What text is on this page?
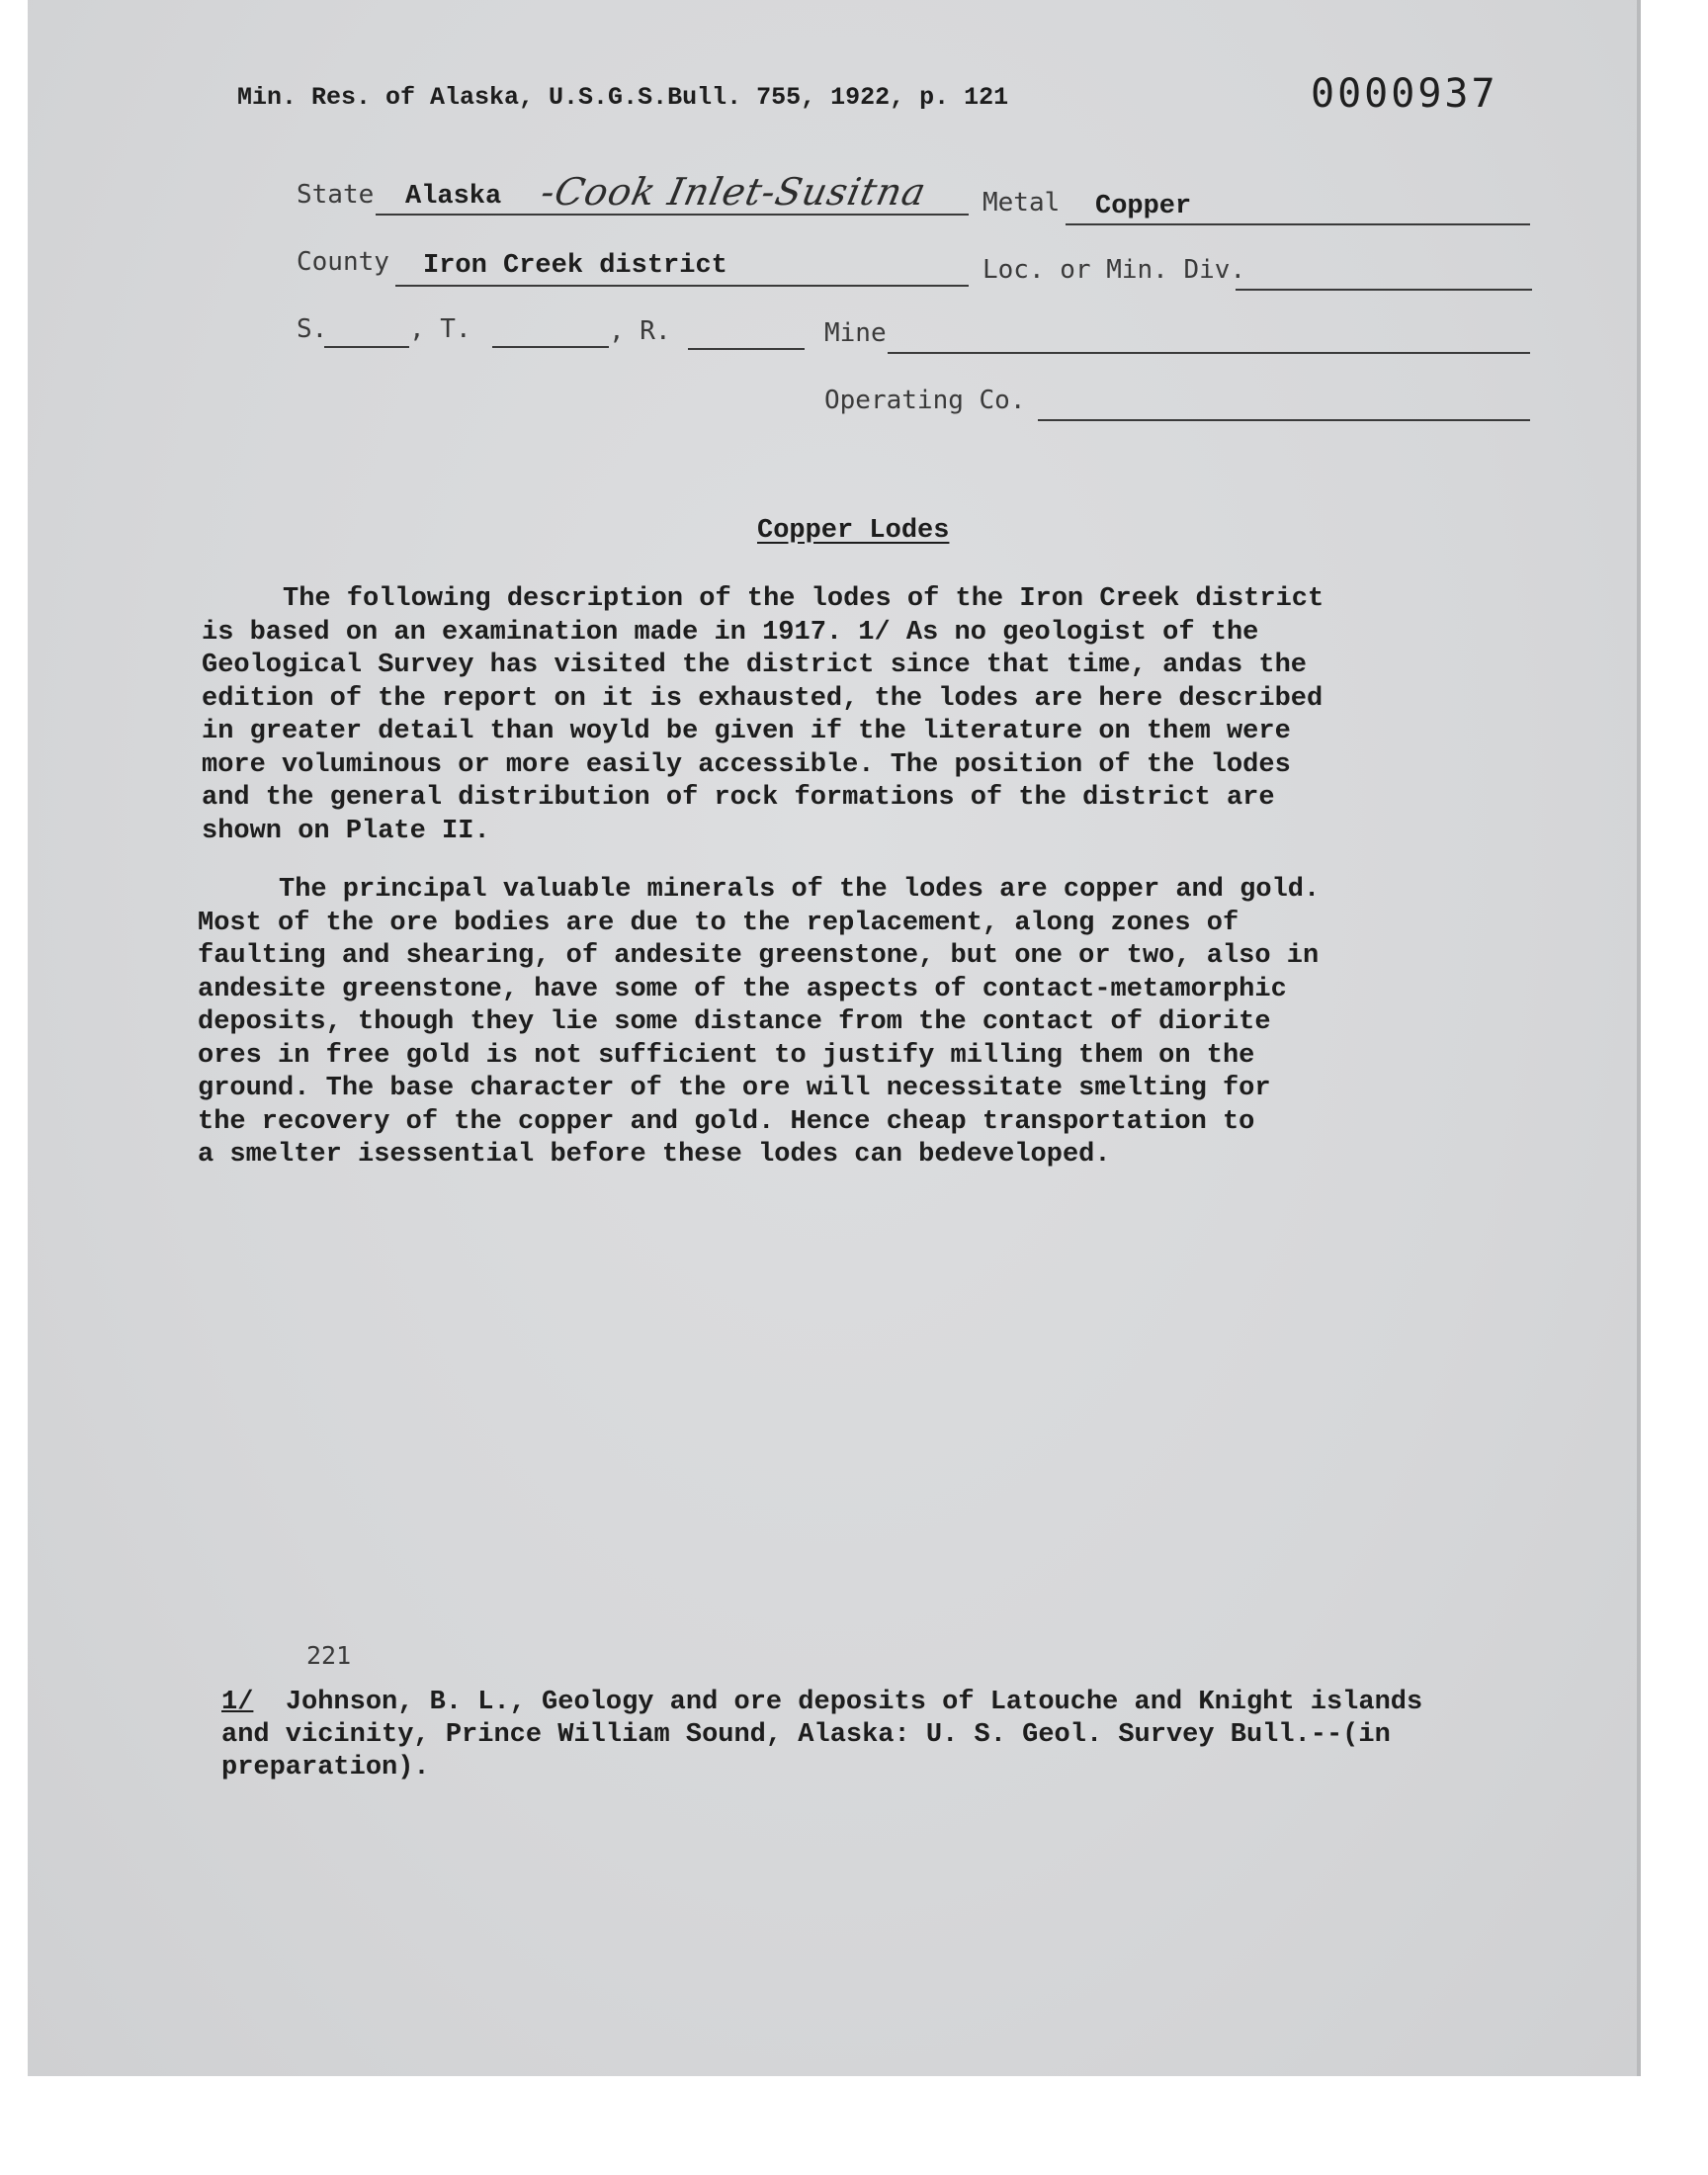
Min. Res. of Alaska, U.S.G.S.Bull. 755, 1922, p. 121	0000937
State Alaska -Cook Inlet-Susitna Metal Copper
County Iron Creek district	Loc. or Min. Div.
S.	, T.	, R.	Mine
Operating Co.
Copper Lodes
The following description of the lodes of the Iron Creek district
is based on an examination made in 1917. 1/ As no geologist of the
Geological Survey has visited the district since that time, andas the
edition of the report on it is exhausted, the lodes are here described
in greater detail than woyld be given if the literature on them were
more voluminous or more easily accessible. The position of the lodes
and the general distribution of rock formations of the district are
shown on Plate II.
The principal valuable minerals of the lodes are copper and gold.
Most of the ore bodies are due to the replacement, along zones of
faulting and shearing, of andesite greenstone, but one or two, also in
andesite greenstone, have some of the aspects of contact-metamorphic
deposits, though they lie some distance from the contact of diorite
ores in free gold is not sufficient to justify milling them on the
ground. The base character of the ore will necessitate smelting for
the recovery of the copper and gold. Hence cheap transportation to
a smelter isessential before these lodes can bedeveloped.
221
1/ Johnson, B. L., Geology and ore deposits of Latouche and Knight islands
and vicinity, Prince William Sound, Alaska: U. S. Geol. Survey Bull.--(in
preparation).
